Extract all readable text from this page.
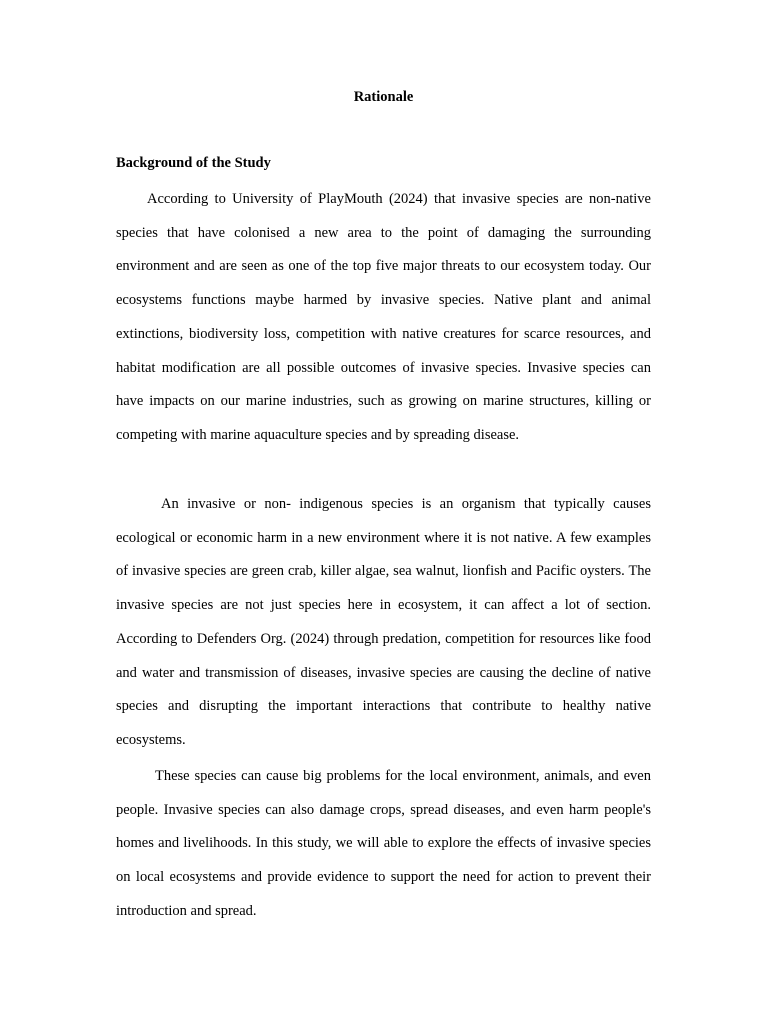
Rationale
Background of the Study

According to University of PlayMouth (2024) that invasive species are non-native species that have colonised a new area to the point of damaging the surrounding environment and are seen as one of the top five major threats to our ecosystem today. Our ecosystems functions maybe harmed by invasive species. Native plant and animal extinctions, biodiversity loss, competition with native creatures for scarce resources, and habitat modification are all possible outcomes of invasive species. Invasive species can have impacts on our marine industries, such as growing on marine structures, killing or competing with marine aquaculture species and by spreading disease.

An invasive or non- indigenous species is an organism that typically causes ecological or economic harm in a new environment where it is not native. A few examples of invasive species are green crab, killer algae, sea walnut, lionfish and Pacific oysters. The invasive species are not just species here in ecosystem, it can affect a lot of section. According to Defenders Org. (2024) through predation, competition for resources like food and water and transmission of diseases, invasive species are causing the decline of native species and disrupting the important interactions that contribute to healthy native ecosystems.

These species can cause big problems for the local environment, animals, and even people. Invasive species can also damage crops, spread diseases, and even harm people's homes and livelihoods. In this study, we will able to explore the effects of invasive species on local ecosystems and provide evidence to support the need for action to prevent their introduction and spread.
